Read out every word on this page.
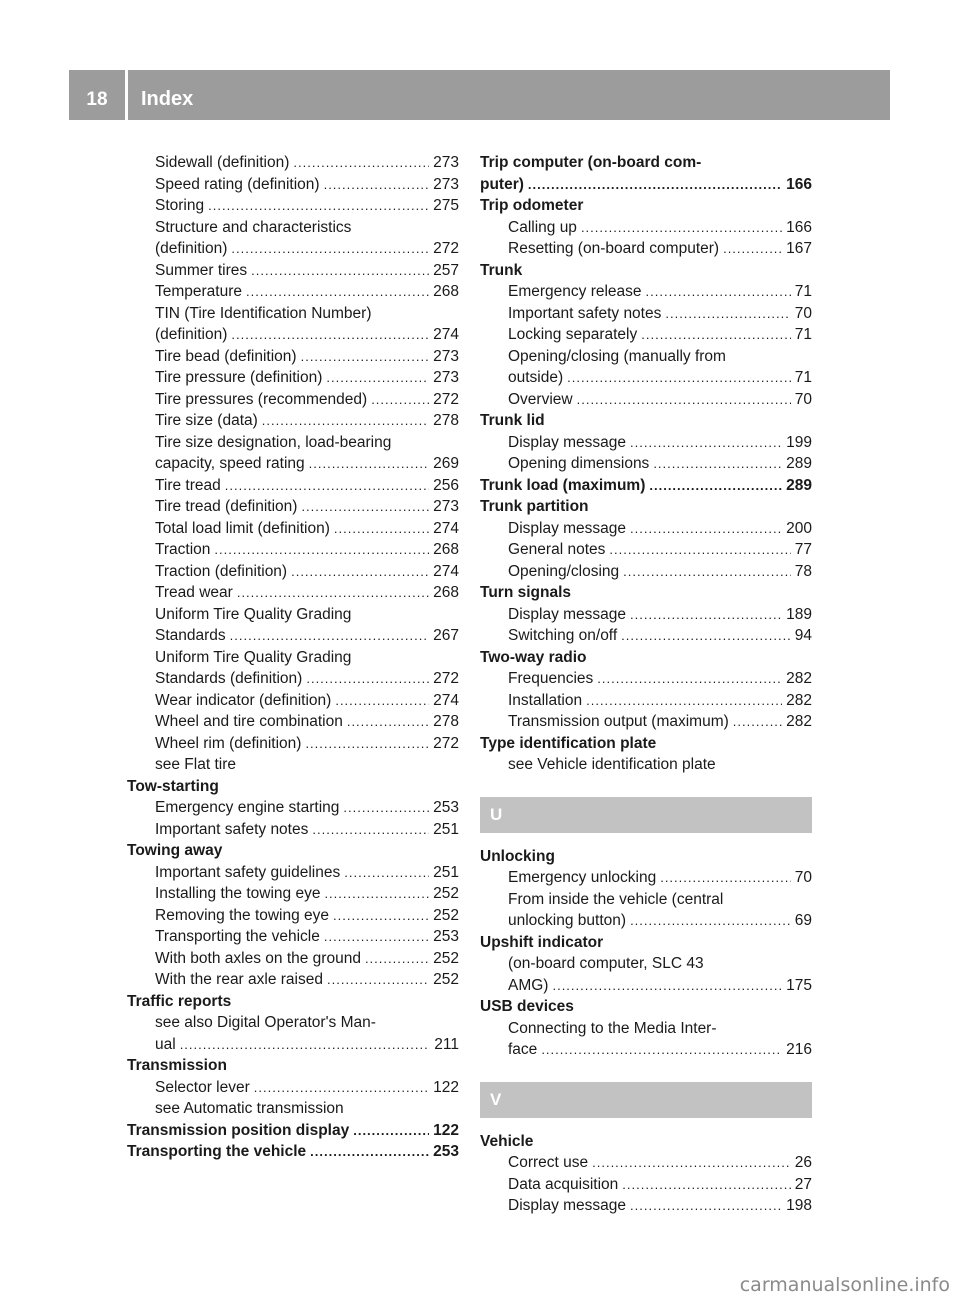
18	Index
Sidewall (definition) .....	273
Speed rating (definition) .....	273
Storing .....	275
Structure and characteristics
(definition) .....	272
Summer tires .....	257
Temperature .....	268
TIN (Tire Identification Number)
(definition) .....	274
Tire bead (definition) .....	273
Tire pressure (definition) .....	273
Tire pressures (recommended) .....	272
Tire size (data) .....	278
Tire size designation, load-bearing
capacity, speed rating .....	269
Tire tread .....	256
Tire tread (definition) .....	273
Total load limit (definition) .....	274
Traction .....	268
Traction (definition) .....	274
Tread wear .....	268
Uniform Tire Quality Grading
Standards .....	267
Uniform Tire Quality Grading
Standards (definition) .....	272
Wear indicator (definition) .....	274
Wheel and tire combination .....	278
Wheel rim (definition) .....	272
see Flat tire
Tow-starting
Emergency engine starting .....	253
Important safety notes .....	251
Towing away
Important safety guidelines .....	251
Installing the towing eye .....	252
Removing the towing eye .....	252
Transporting the vehicle .....	253
With both axles on the ground .....	252
With the rear axle raised .....	252
Traffic reports
see also Digital Operator's Man-
ual .....	211
Transmission
Selector lever .....	122
see Automatic transmission
Transmission position display .....	122
Transporting the vehicle .....	253
Trip computer (on-board com-
puter) .....	166
Trip odometer
Calling up .....	166
Resetting (on-board computer) .....	167
Trunk
Emergency release .....	71
Important safety notes .....	70
Locking separately .....	71
Opening/closing (manually from
outside) .....	71
Overview .....	70
Trunk lid
Display message .....	199
Opening dimensions .....	289
Trunk load (maximum) .....	289
Trunk partition
Display message .....	200
General notes .....	77
Opening/closing .....	78
Turn signals
Display message .....	189
Switching on/off .....	94
Two-way radio
Frequencies .....	282
Installation .....	282
Transmission output (maximum) .....	282
Type identification plate
see Vehicle identification plate
U
Unlocking
Emergency unlocking .....	70
From inside the vehicle (central
unlocking button) .....	69
Upshift indicator
(on-board computer, SLC 43
AMG) .....	175
USB devices
Connecting to the Media Inter-
face .....	216
V
Vehicle
Correct use .....	26
Data acquisition .....	27
Display message .....	198
carmanualsonline.info
